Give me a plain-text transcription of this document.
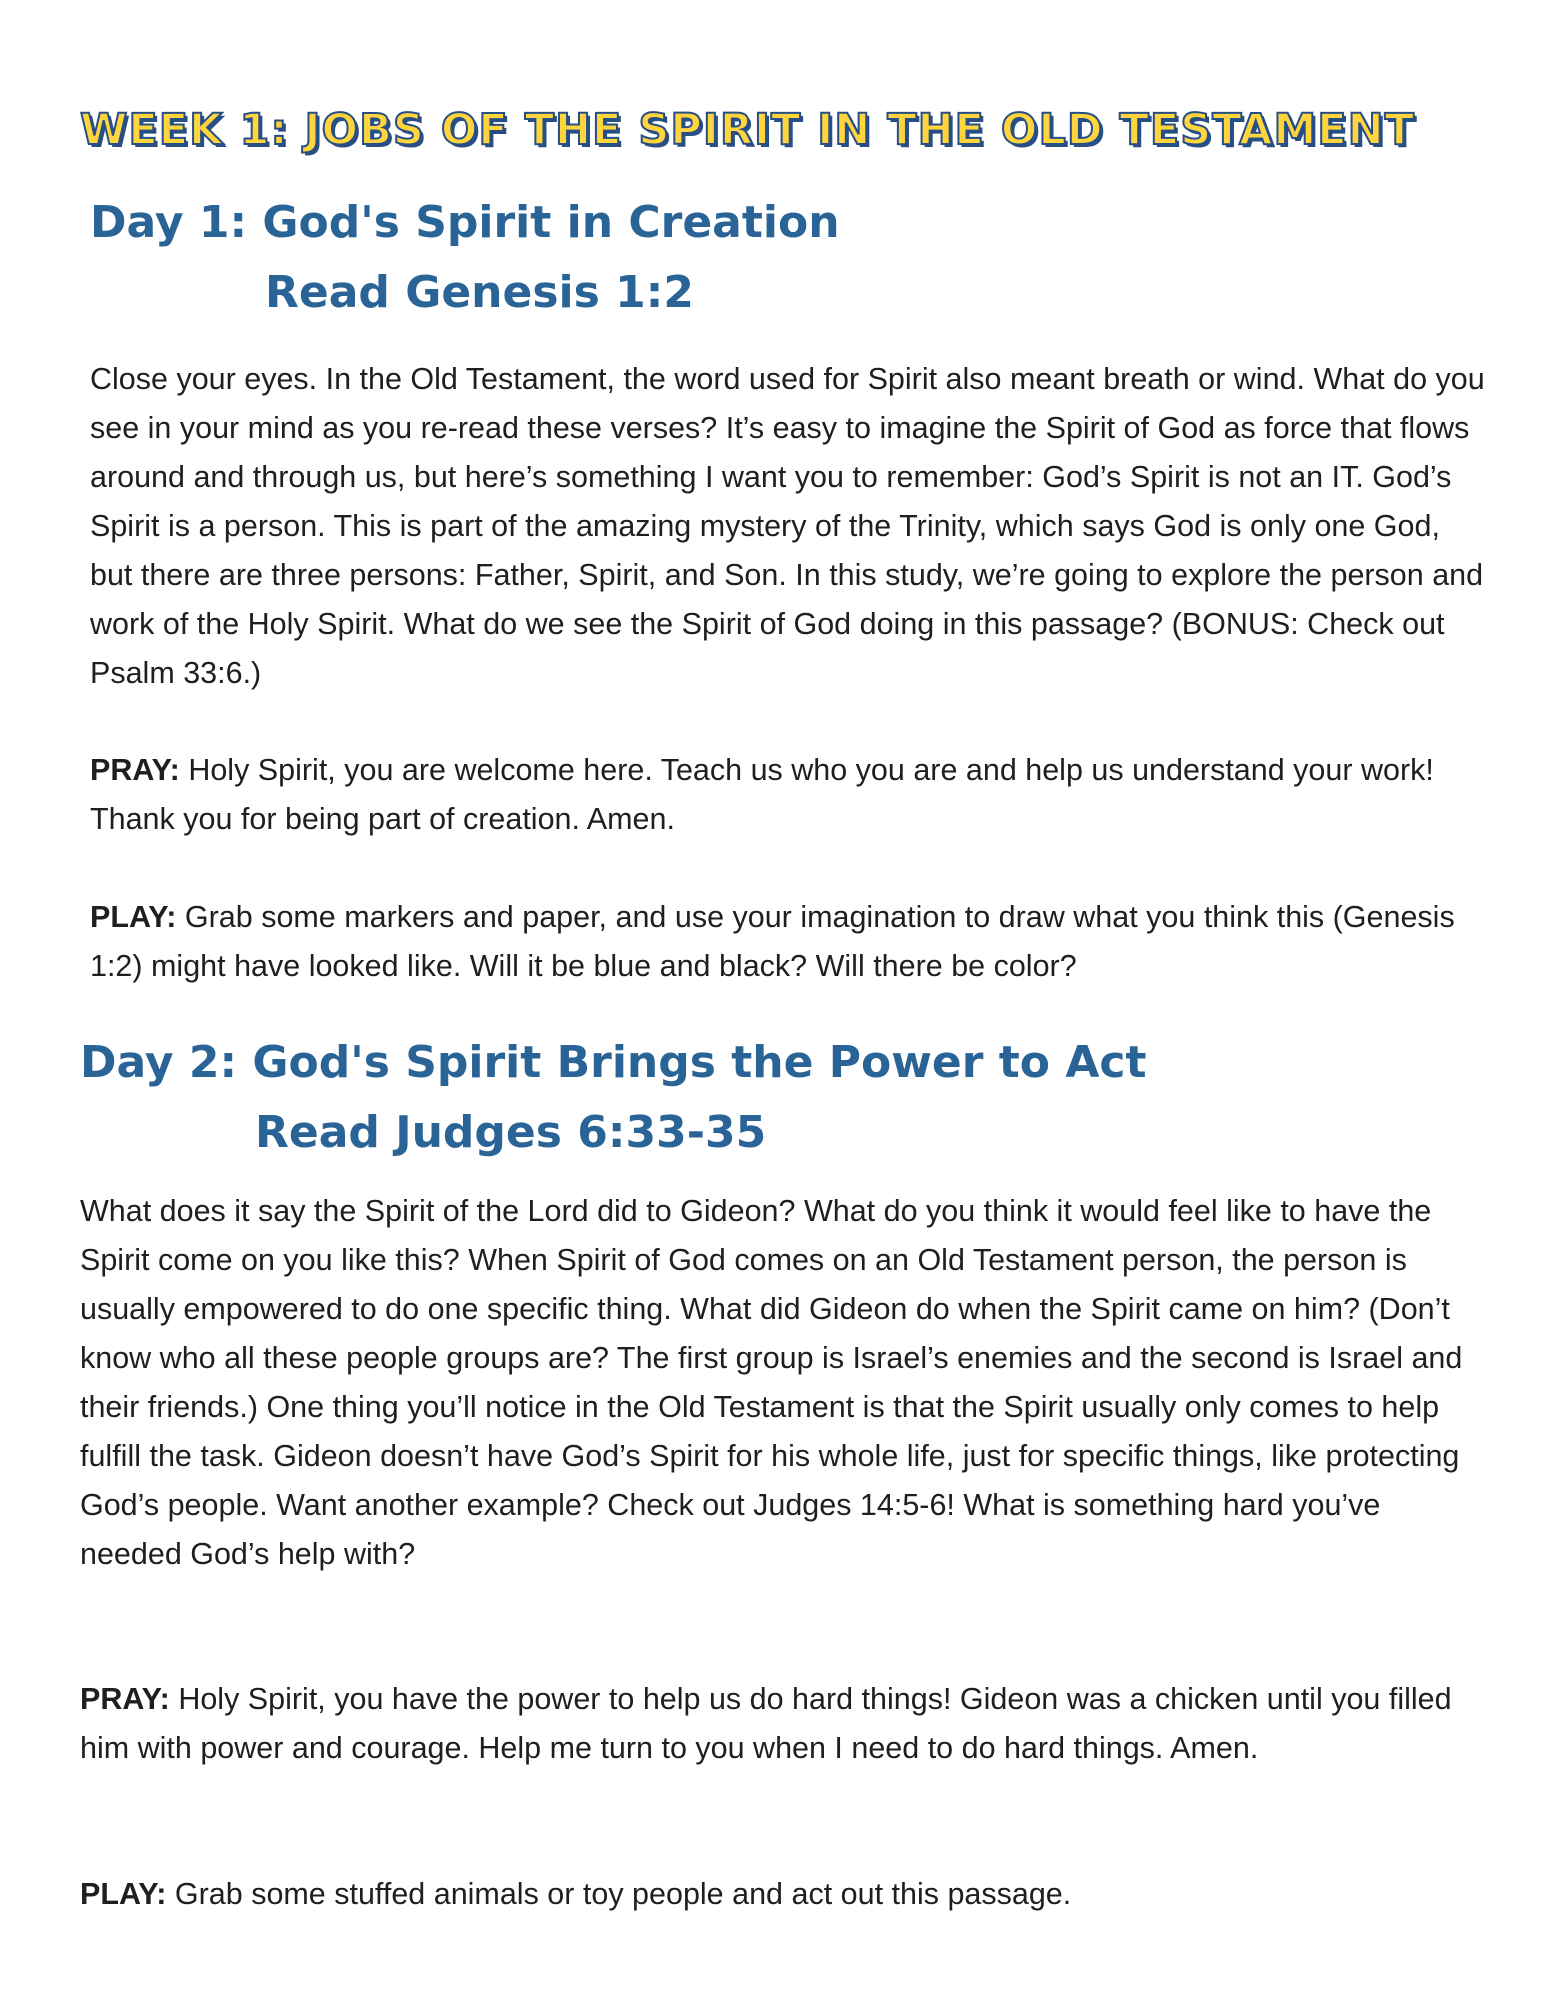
WEEK 1: JOBS OF THE SPIRIT IN THE OLD TESTAMENT
Day 1: God's Spirit in Creation
Read Genesis 1:2

Close your eyes. In the Old Testament, the word used for Spirit also meant breath or wind. What do you see in your mind as you re-read these verses? It’s easy to imagine the Spirit of God as force that flows around and through us, but here’s something I want you to remember: God’s Spirit is not an IT. God’s Spirit is a person. This is part of the amazing mystery of the Trinity, which says God is only one God, but there are three persons: Father, Spirit, and Son. In this study, we’re going to explore the person and work of the Holy Spirit. What do we see the Spirit of God doing in this passage? (BONUS: Check out Psalm 33:6.)

PRAY: Holy Spirit, you are welcome here. Teach us who you are and help us understand your work! Thank you for being part of creation. Amen.

PLAY: Grab some markers and paper, and use your imagination to draw what you think this (Genesis 1:2) might have looked like. Will it be blue and black? Will there be color?

Day 2: God's Spirit Brings the Power to Act
Read Judges 6:33-35

What does it say the Spirit of the Lord did to Gideon? What do you think it would feel like to have the Spirit come on you like this? When Spirit of God comes on an Old Testament person, the person is usually empowered to do one specific thing. What did Gideon do when the Spirit came on him? (Don’t know who all these people groups are? The first group is Israel’s enemies and the second is Israel and their friends.) One thing you’ll notice in the Old Testament is that the Spirit usually only comes to help fulfill the task. Gideon doesn’t have God’s Spirit for his whole life, just for specific things, like protecting God’s people. Want another example? Check out Judges 14:5-6! What is something hard you’ve needed God’s help with?

PRAY: Holy Spirit, you have the power to help us do hard things! Gideon was a chicken until you filled him with power and courage. Help me turn to you when I need to do hard things. Amen.

PLAY: Grab some stuffed animals or toy people and act out this passage.
